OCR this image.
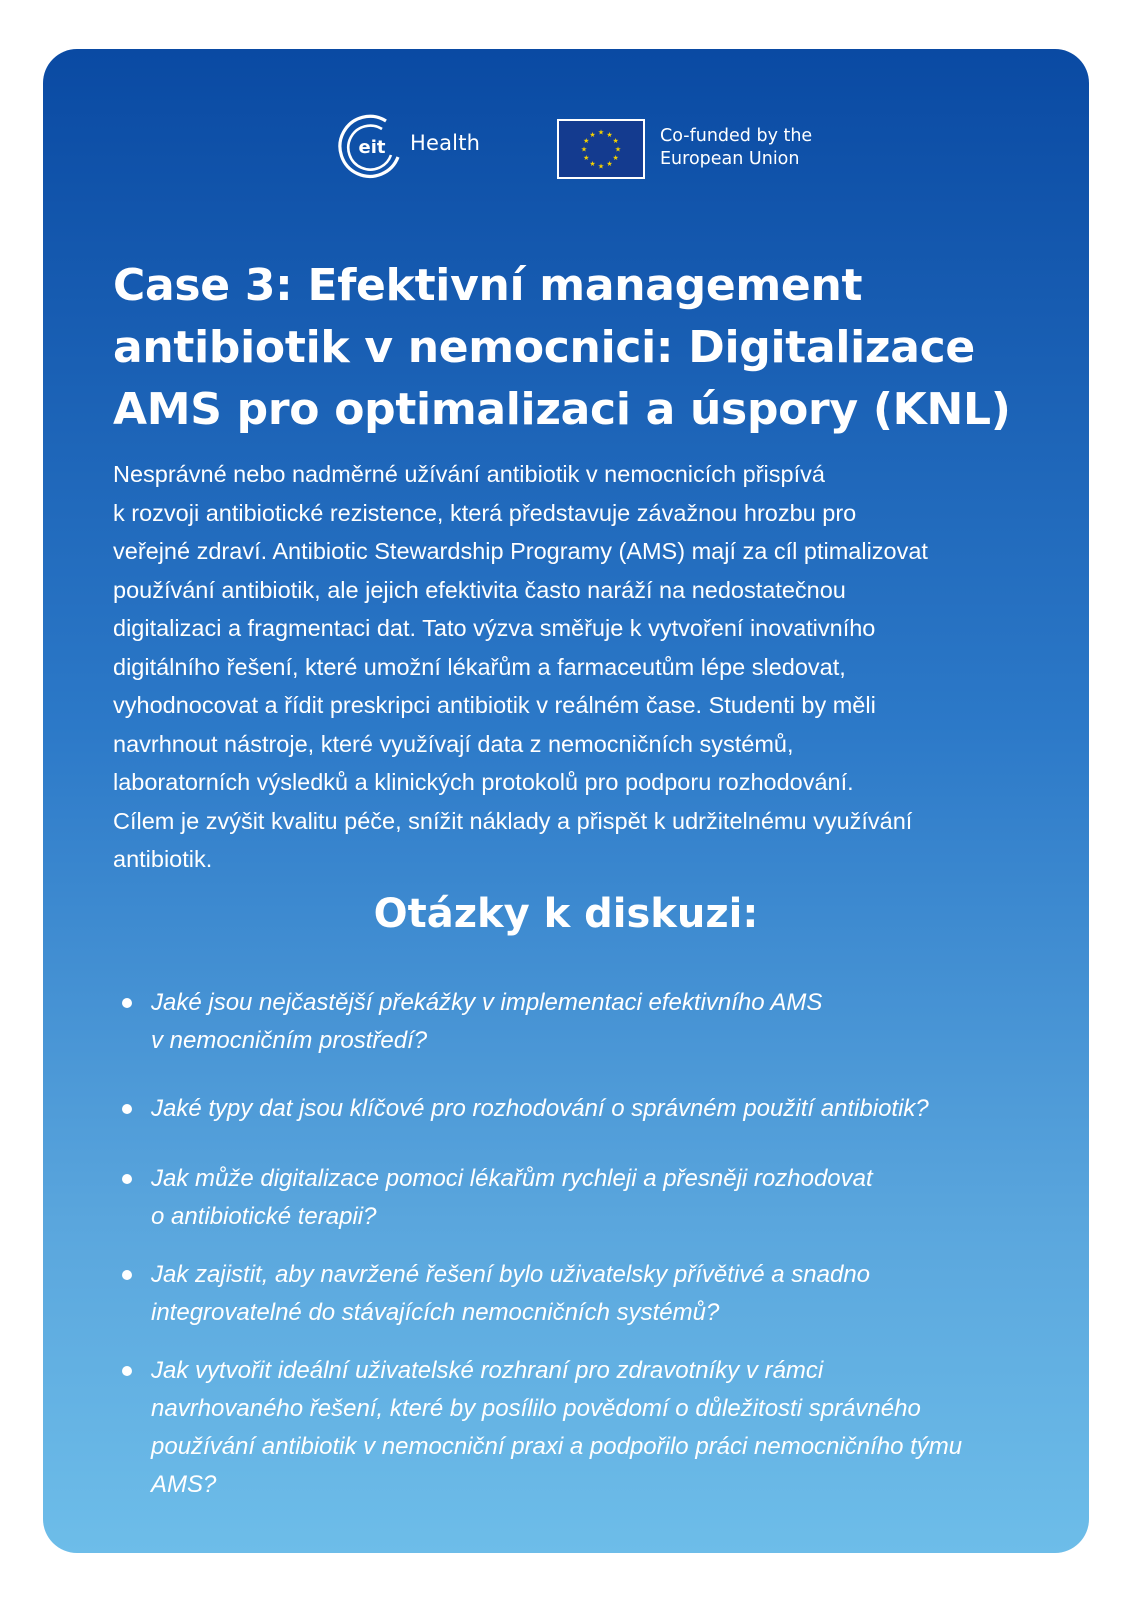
eit Health	★ ★
★
★
★
★
★
★
★
★
★
★	Co-funded by the
European Union
Case 3: Efektivní management antibiotik v nemocnici: Digitalizace AMS pro optimalizaci a úspory (KNL)

Nesprávné nebo nadměrné užívání antibiotik v nemocnicích přispívá
k rozvoji antibiotické rezistence, která představuje závažnou hrozbu pro
veřejné zdraví. Antibiotic Stewardship Programy (AMS) mají za cíl ptimalizovat
používání antibiotik, ale jejich efektivita často naráží na nedostatečnou
digitalizaci a fragmentaci dat. Tato výzva směřuje k vytvoření inovativního
digitálního řešení, které umožní lékařům a farmaceutům lépe sledovat,
vyhodnocovat a řídit preskripci antibiotik v reálném čase. Studenti by měli
navrhnout nástroje, které využívají data z nemocničních systémů,
laboratorních výsledků a klinických protokolů pro podporu rozhodování.
Cílem je zvýšit kvalitu péče, snížit náklady a přispět k udržitelnému využívání
antibiotik.

Otázky k diskuzi:
Jaké jsou nejčastější překážky v implementaci efektivního AMS
v nemocničním prostředí?
Jaké typy dat jsou klíčové pro rozhodování o správném použití antibiotik?
Jak může digitalizace pomoci lékařům rychleji a přesněji rozhodovat
o antibiotické terapii?
Jak zajistit, aby navržené řešení bylo uživatelsky přívětivé a snadno
integrovatelné do stávajících nemocničních systémů?
Jak vytvořit ideální uživatelské rozhraní pro zdravotníky v rámci
navrhovaného řešení, které by posílilo povědomí o důležitosti správného
používání antibiotik v nemocniční praxi a podpořilo práci nemocničního týmu
AMS?
